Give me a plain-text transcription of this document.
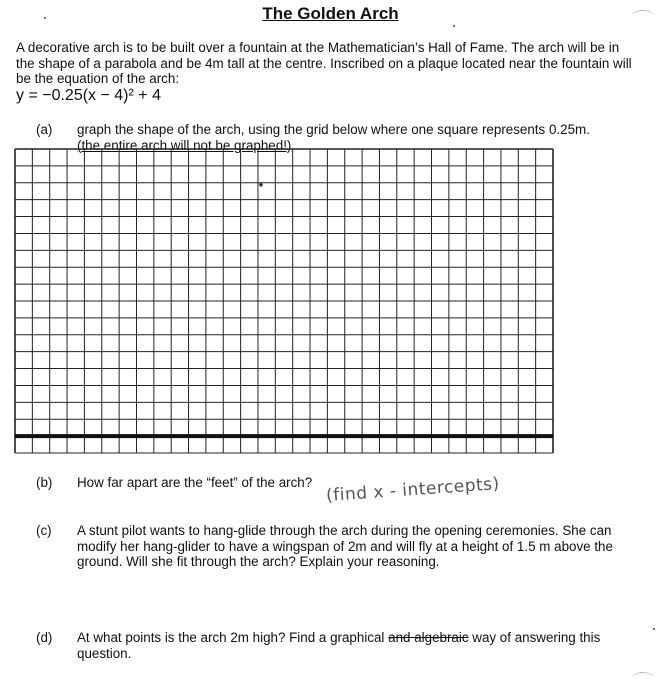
The Golden Arch
A decorative arch is to be built over a fountain at the Mathematician’s Hall of Fame. The arch will be in the shape of a parabola and be 4m tall at the centre. Inscribed on a plaque located near the fountain will be the equation of the arch:
y = −0.25(x − 4)² + 4
(a) graph the shape of the arch, using the grid below where one square represents 0.25m.
(the entire arch will not be graphed!)
(b) How far apart are the “feet” of the arch? (find x - intercepts)
(c) A stunt pilot wants to hang-glide through the arch during the opening ceremonies. She can modify her hang-glider to have a wingspan of 2m and will fly at a height of 1.5 m above the ground. Will she fit through the arch? Explain your reasoning.
(d) At what points is the arch 2m high? Find a graphical and algebraic way of answering this question.
